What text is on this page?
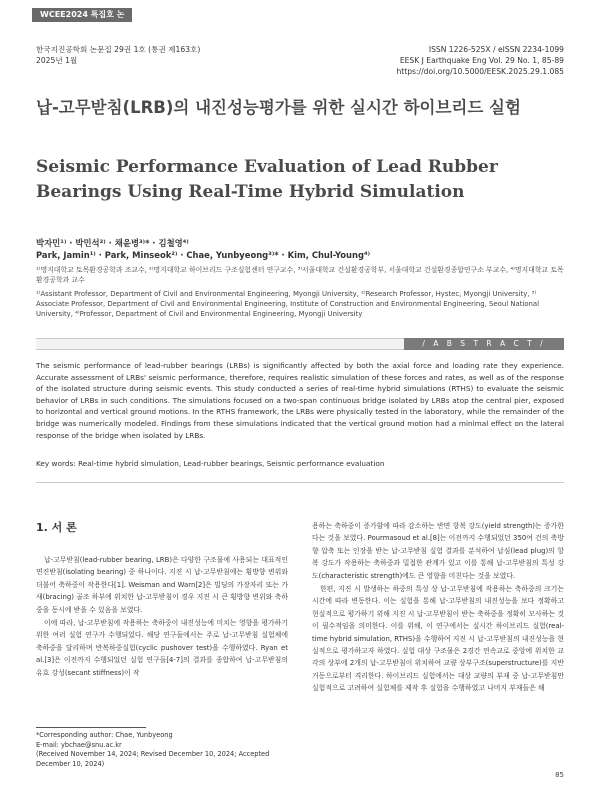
WCEE2024 특집호 논문
한국지진공학회 논문집 29권 1호 (통권 제163호)
2025년 1월
ISSN 1226-525X / eISSN 2234-1099
EESK J Earthquake Eng Vol. 29 No. 1, 85-89
https://doi.org/10.5000/EESK.2025.29.1.085
납-고무받침(LRB)의 내진성능평가를 위한 실시간 하이브리드 실험
Seismic Performance Evaluation of Lead Rubber Bearings Using Real-Time Hybrid Simulation
박자민¹⁾ · 박민석²⁾ · 채윤병³⁾* · 김철영⁴⁾
Park, Jamin¹⁾ · Park, Minseok²⁾ · Chae, Yunbyeong³⁾* · Kim, Chul-Young⁴⁾
¹⁾명지대학교 토목환경공학과 조교수, ²⁾명지대학교 하이브리드 구조실험센터 연구교수, ³⁾서울대학교 건설환경공학부, 서울대학교 건설환경종합연구소 부교수, ⁴⁾명지대학교 토목환경공학과 교수
¹⁾Assistant Professor, Department of Civil and Environmental Engineering, Myongji University, ²⁾Research Professor, Hystec, Myongji University, ³⁾Associate Professor, Department of Civil and Environmental Engineering, Institute of Construction and Environmental Engineering, Seoul National University, ⁴⁾Professor, Department of Civil and Environmental Engineering, Myongji University
/ A B S T R A C T /
The seismic performance of lead-rubber bearings (LRBs) is significantly affected by both the axial force and loading rate they experience. Accurate assessment of LRBs' seismic performance, therefore, requires realistic simulation of these forces and rates, as well as of the response of the isolated structure during seismic events. This study conducted a series of real-time hybrid simulations (RTHS) to evaluate the seismic behavior of LRBs in such conditions. The simulations focused on a two-span continuous bridge isolated by LRBs atop the central pier, exposed to horizontal and vertical ground motions. In the RTHS framework, the LRBs were physically tested in the laboratory, while the remainder of the bridge was numerically modeled. Findings from these simulations indicated that the vertical ground motion had a minimal effect on the lateral response of the bridge when isolated by LRBs.
Key words: Real-time hybrid simulation, Lead-rubber bearings, Seismic performance evaluation
1. 서 론

납-고무받침(lead-rubber bearing, LRB)은 다양한 구조물에 사용되는 대표적인 면진받침(isolating bearing) 중 하나이다. 지진 시 납-고무받침에는 횡방향 변위와 더불어 축하중이 작용한다[1]. Weisman and Warn[2]은 빌딩의 가장자리 또는 가새(bracing) 골조 하부에 위치한 납-고무받침이 경우 지진 시 큰 횡방향 변위와 축하중을 동시에 받을 수 있음을 보였다.

이에 따라, 납-고무받침에 작용하는 축하중이 내진성능에 미치는 영향을 평가하기 위한 여러 실험 연구가 수행되었다. 해당 연구들에서는 주로 납-고무받침 실험체에 축하중을 달리하며 반복하중실험(cyclic pushover test)을 수행하였다. Ryan et al.[3]은 이전까지 수행되었던 실험 연구들[4-7]의 결과를 종합하여 납-고무받침의 유효 강성(secant stiffness)이 작

용하는 축하중이 증가함에 따라 감소하는 반면 항복 강도(yield strength)는 증가한다는 것을 보였다. Pourmasoud et al.[8]는 이전까지 수행되었던 350여 건의 축방향 압축 또는 인장을 받는 납-고무받침 실험 결과를 분석하여 납심(lead plug)의 항복 강도가 작용하는 축하중과 밀접한 관계가 있고 이를 통해 납-고무받침의 특성 강도(characteristic strength)에도 큰 영향을 미친다는 것을 보였다.

한편, 지진 시 발생하는 하중의 특성 상 납-고무받침에 작용하는 축하중의 크기는 시간에 따라 변동한다. 이는 실험을 통해 납-고무받침의 내진성능을 보다 정확하고 현실적으로 평가하기 위해 지진 시 납-고무받침이 받는 축하중을 정확히 모사하는 것이 필수적임을 의미한다. 이를 위해, 이 연구에서는 실시간 하이브리드 실험(real-time hybrid simulation, RTHS)을 수행하여 지진 시 납-고무받침의 내진성능을 현실적으로 평가하고자 하였다. 실험 대상 구조물은 2경간 연속교로 중앙에 위치한 교각의 상부에 2개의 납-고무받침이 위치하여 교량 상부구조(superstructure)를 지반 거동으로부터 격리한다. 하이브리드 실험에서는 대상 교량의 부재 중 납-고무받침만 실험적으로 고려하여 실험체를 제작 후 실험을 수행하였고 나머지 부재들은 해

*Corresponding author: Chae, Yunbyeong
E-mail: ybchae@snu.ac.kr
(Received November 14, 2024; Revised December 10, 2024; Accepted December 10, 2024)
85
